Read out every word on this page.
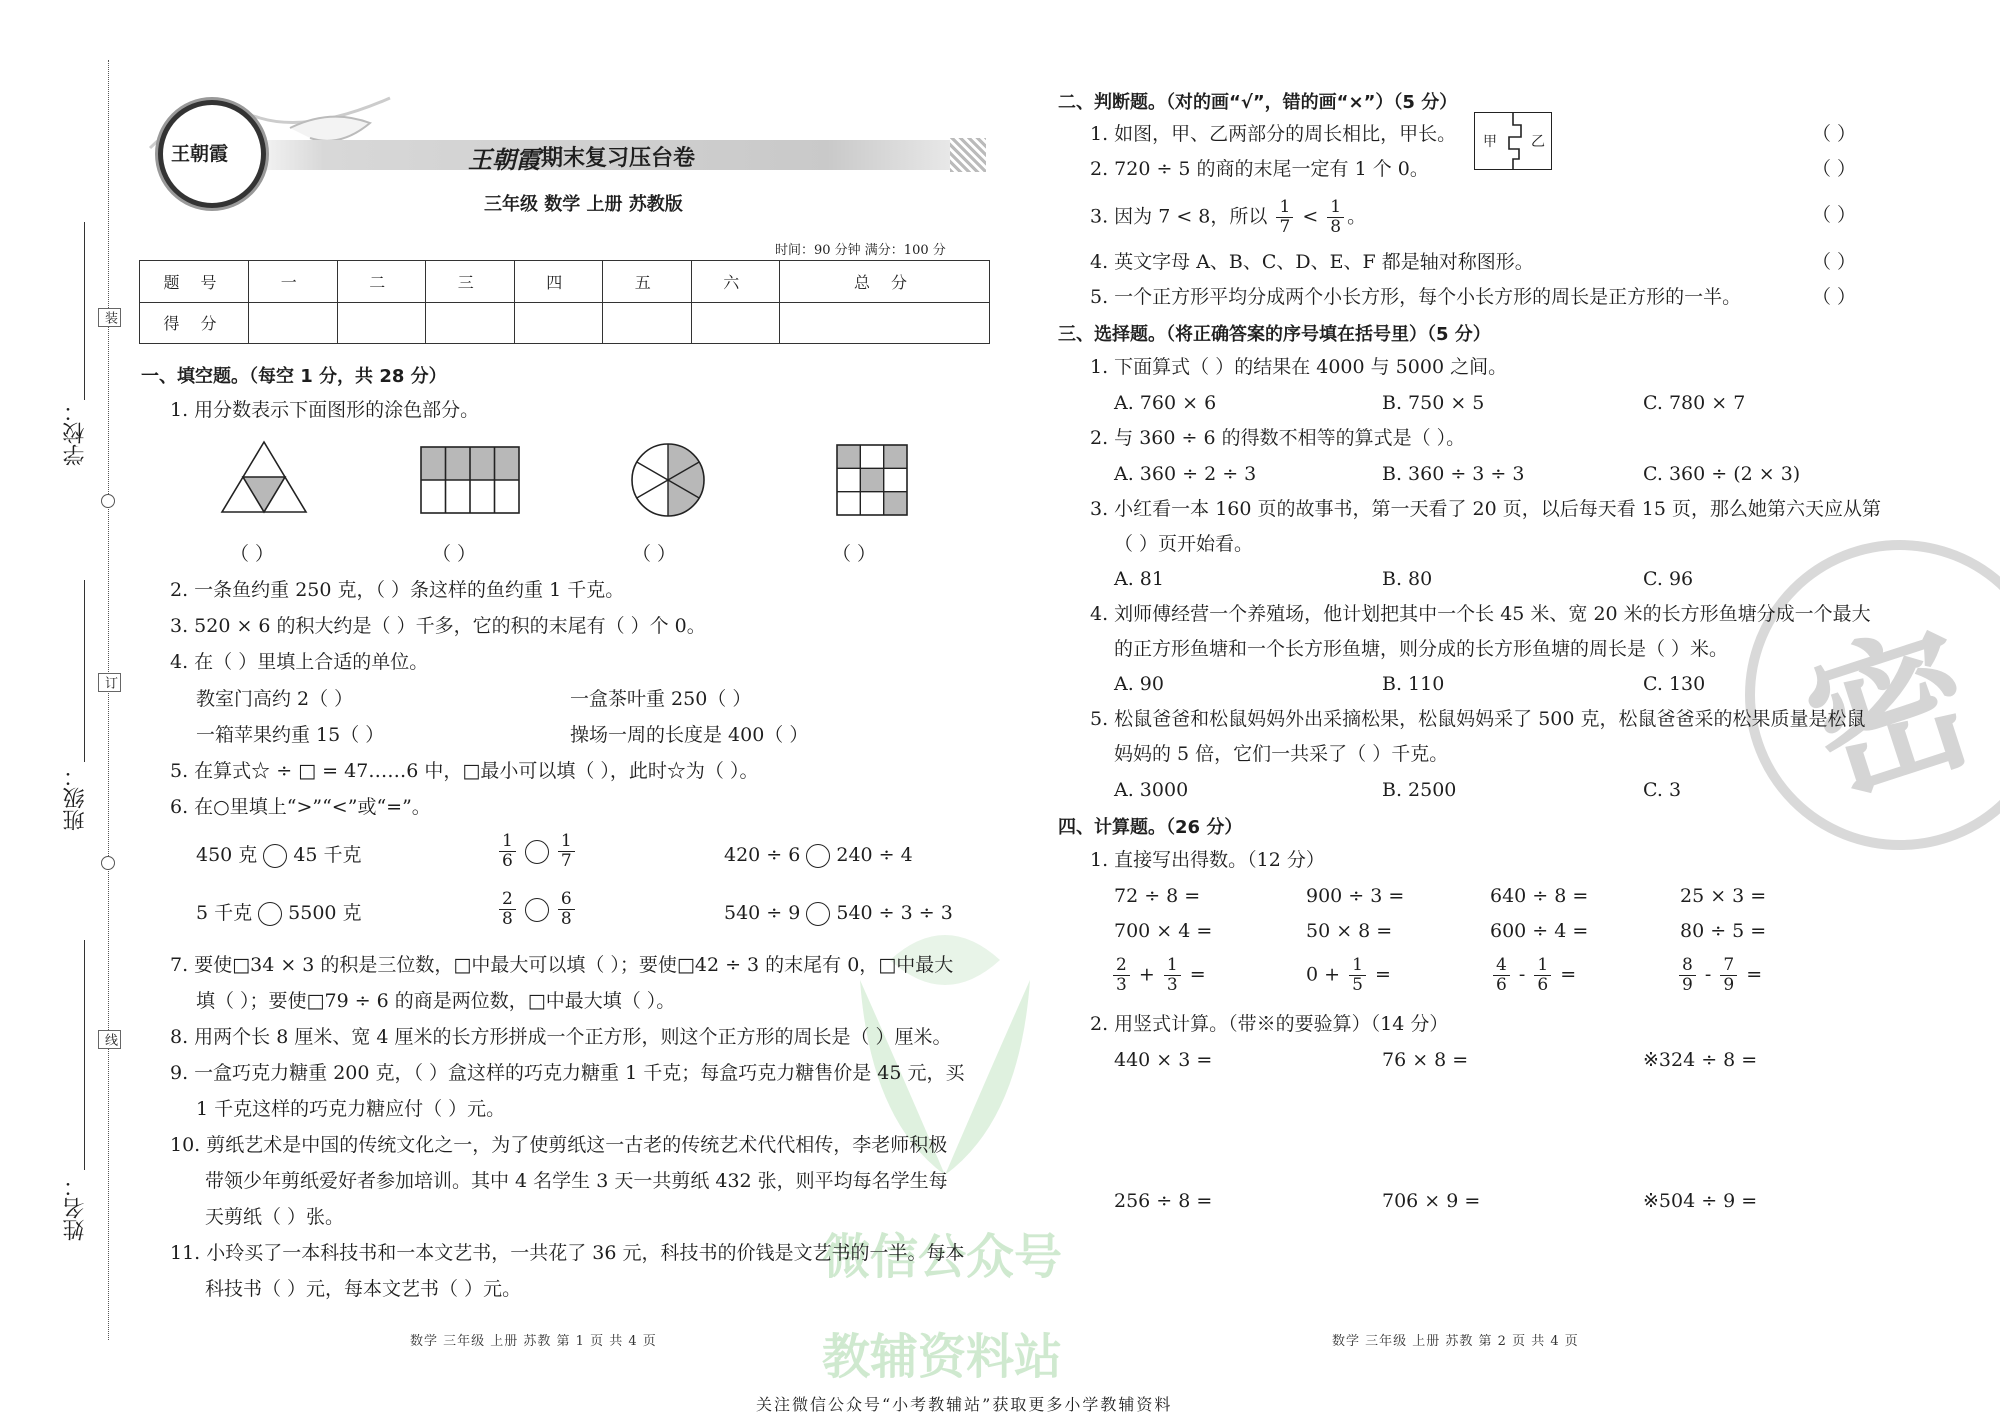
学校：
班级：
姓名：
装
订
线
王朝霞	王朝霞 期末复习压台卷
三年级 数学 上册 苏教版
时间：90 分钟 满分：100 分
题 号	一	二	三	四	五	六	总 分
得 分							
微信公众号
教辅资料站
密
一、填空题。（每空 1 分，共 28 分）
1. 用分数表示下面图形的涂色部分。
（ ）	（ ）	（ ）	（ ）
2. 一条鱼约重 250 克，（ ）条这样的鱼约重 1 千克。
3. 520 × 6 的积大约是（ ）千多，它的积的末尾有（ ）个 0。
4. 在（ ）里填上合适的单位。
教室门高约 2（ ）	一盒茶叶重 250（ ）
一箱苹果约重 15（ ）	操场一周的长度是 400（ ）
5. 在算式☆ ÷ □ = 47……6 中，□最小可以填（ ），此时☆为（ ）。
6. 在○里填上“>”“<”或“=”。
450 克 45 千克	$\frac{1}{6} \frac{1}{7}$	420 ÷ 6 240 ÷ 4
5 千克 5500 克	$\frac{2}{8} \frac{6}{8}$	540 ÷ 9 540 ÷ 3 ÷ 3
7. 要使□34 × 3 的积是三位数，□中最大可以填（ ）；要使□42 ÷ 3 的末尾有 0，□中最大
填（ ）；要使□79 ÷ 6 的商是两位数，□中最大填（ ）。
8. 用两个长 8 厘米、宽 4 厘米的长方形拼成一个正方形，则这个正方形的周长是（ ）厘米。
9. 一盒巧克力糖重 200 克，（ ）盒这样的巧克力糖重 1 千克；每盒巧克力糖售价是 45 元，买
1 千克这样的巧克力糖应付（ ）元。
10. 剪纸艺术是中国的传统文化之一，为了使剪纸这一古老的传统艺术代代相传，李老师积极
带领少年剪纸爱好者参加培训。其中 4 名学生 3 天一共剪纸 432 张，则平均每名学生每
天剪纸（ ）张。
11. 小玲买了一本科技书和一本文艺书，一共花了 36 元，科技书的价钱是文艺书的一半。每本
科技书（ ）元，每本文艺书（ ）元。
二、判断题。（对的画“√”，错的画“×”）（5 分）
1. 如图，甲、乙两部分的周长相比，甲长。 甲 乙
2. 720 ÷ 5 的商的末尾一定有 1 个 0。
3. 因为 7 < 8，所以 $\frac{1}{7} < \frac{1}{8}$ 。
4. 英文字母 A、B、C、D、E、F 都是轴对称图形。
5. 一个正方形平均分成两个小长方形，每个小长方形的周长是正方形的一半。
（ ）
（ ）
（ ）
（ ）
（ ）
三、选择题。（将正确答案的序号填在括号里）（5 分）
1. 下面算式（ ）的结果在 4000 与 5000 之间。
A. 760 × 6	B. 750 × 5	C. 780 × 7
2. 与 360 ÷ 6 的得数不相等的算式是（ ）。
A. 360 ÷ 2 ÷ 3	B. 360 ÷ 3 ÷ 3	C. 360 ÷ (2 × 3)
3. 小红看一本 160 页的故事书，第一天看了 20 页，以后每天看 15 页，那么她第六天应从第
（ ）页开始看。
A. 81	B. 80	C. 96
4. 刘师傅经营一个养殖场，他计划把其中一个长 45 米、宽 20 米的长方形鱼塘分成一个最大
的正方形鱼塘和一个长方形鱼塘，则分成的长方形鱼塘的周长是（ ）米。
A. 90	B. 110	C. 130
5. 松鼠爸爸和松鼠妈妈外出采摘松果，松鼠妈妈采了 500 克，松鼠爸爸采的松果质量是松鼠
妈妈的 5 倍，它们一共采了（ ）千克。
A. 3000	B. 2500	C. 3
四、计算题。（26 分）
1. 直接写出得数。（12 分）
72 ÷ 8 =	900 ÷ 3 =	640 ÷ 8 =	25 × 3 =
700 × 4 =	50 × 8 =	600 ÷ 4 =	80 ÷ 5 =
$\frac{2}{3} + \frac{1}{3}$ =	$0 + \frac{1}{5}$ =	$\frac{4}{6} - \frac{1}{6}$ =	$\frac{8}{9} - \frac{7}{9}$ =
2. 用竖式计算。（带※的要验算）（14 分）
440 × 3 =	76 × 8 =	※324 ÷ 8 =
256 ÷ 8 =	706 × 9 =	※504 ÷ 9 =
数学 三年级 上册 苏教 第 1 页 共 4 页	数学 三年级 上册 苏教 第 2 页 共 4 页
关注微信公众号“小考教辅站”获取更多小学教辅资料
